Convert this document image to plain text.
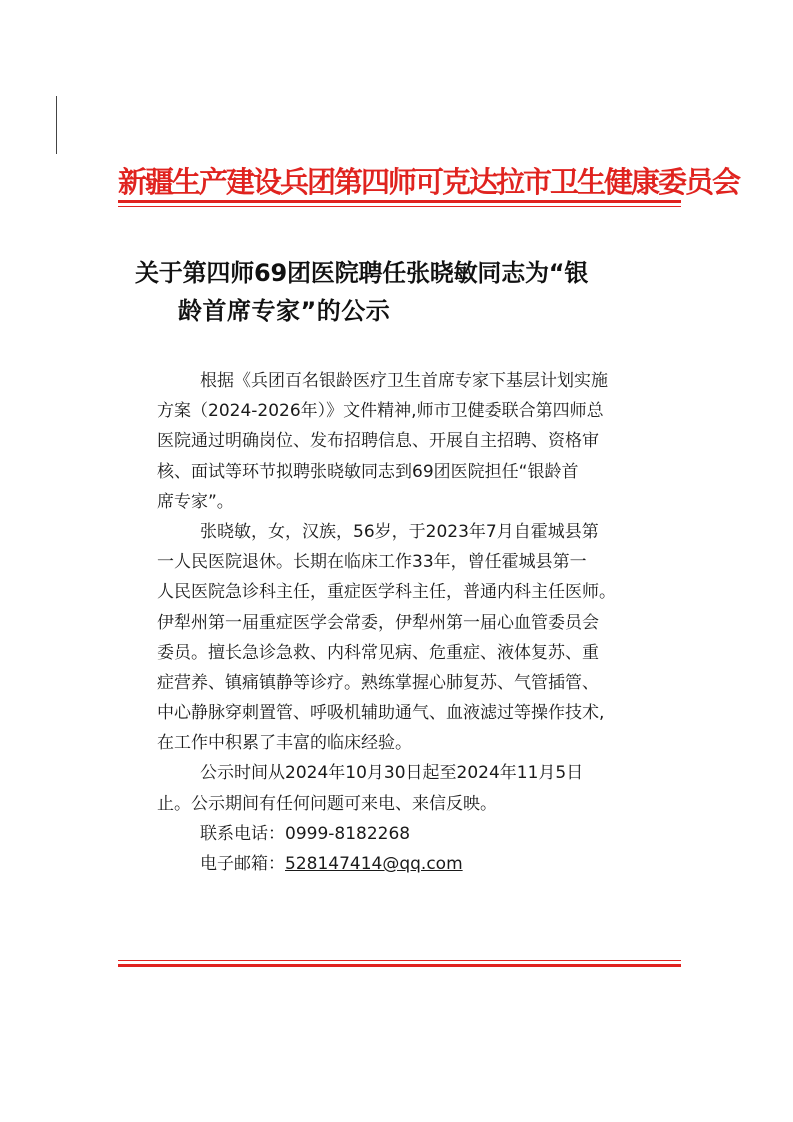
新疆生产建设兵团第四师可克达拉市卫生健康委员会
关于第四师69团医院聘任张晓敏同志为“银
龄首席专家”的公示
根据《兵团百名银龄医疗卫生首席专家下基层计划实施
方案（2024-2026年）》文件精神,师市卫健委联合第四师总
医院通过明确岗位、发布招聘信息、开展自主招聘、资格审
核、面试等环节拟聘张晓敏同志到69团医院担任“银龄首
席专家”。
张晓敏，女，汉族，56岁，于2023年7月自霍城县第
一人民医院退休。长期在临床工作33年，曾任霍城县第一
人民医院急诊科主任，重症医学科主任，普通内科主任医师。
伊犁州第一届重症医学会常委，伊犁州第一届心血管委员会
委员。擅长急诊急救、内科常见病、危重症、液体复苏、重
症营养、镇痛镇静等诊疗。熟练掌握心肺复苏、气管插管、
中心静脉穿刺置管、呼吸机辅助通气、血液滤过等操作技术,
在工作中积累了丰富的临床经验。
公示时间从2024年10月30日起至2024年11月5日
止。公示期间有任何问题可来电、来信反映。
联系电话：0999-8182268
电子邮箱：528147414@qq.com
